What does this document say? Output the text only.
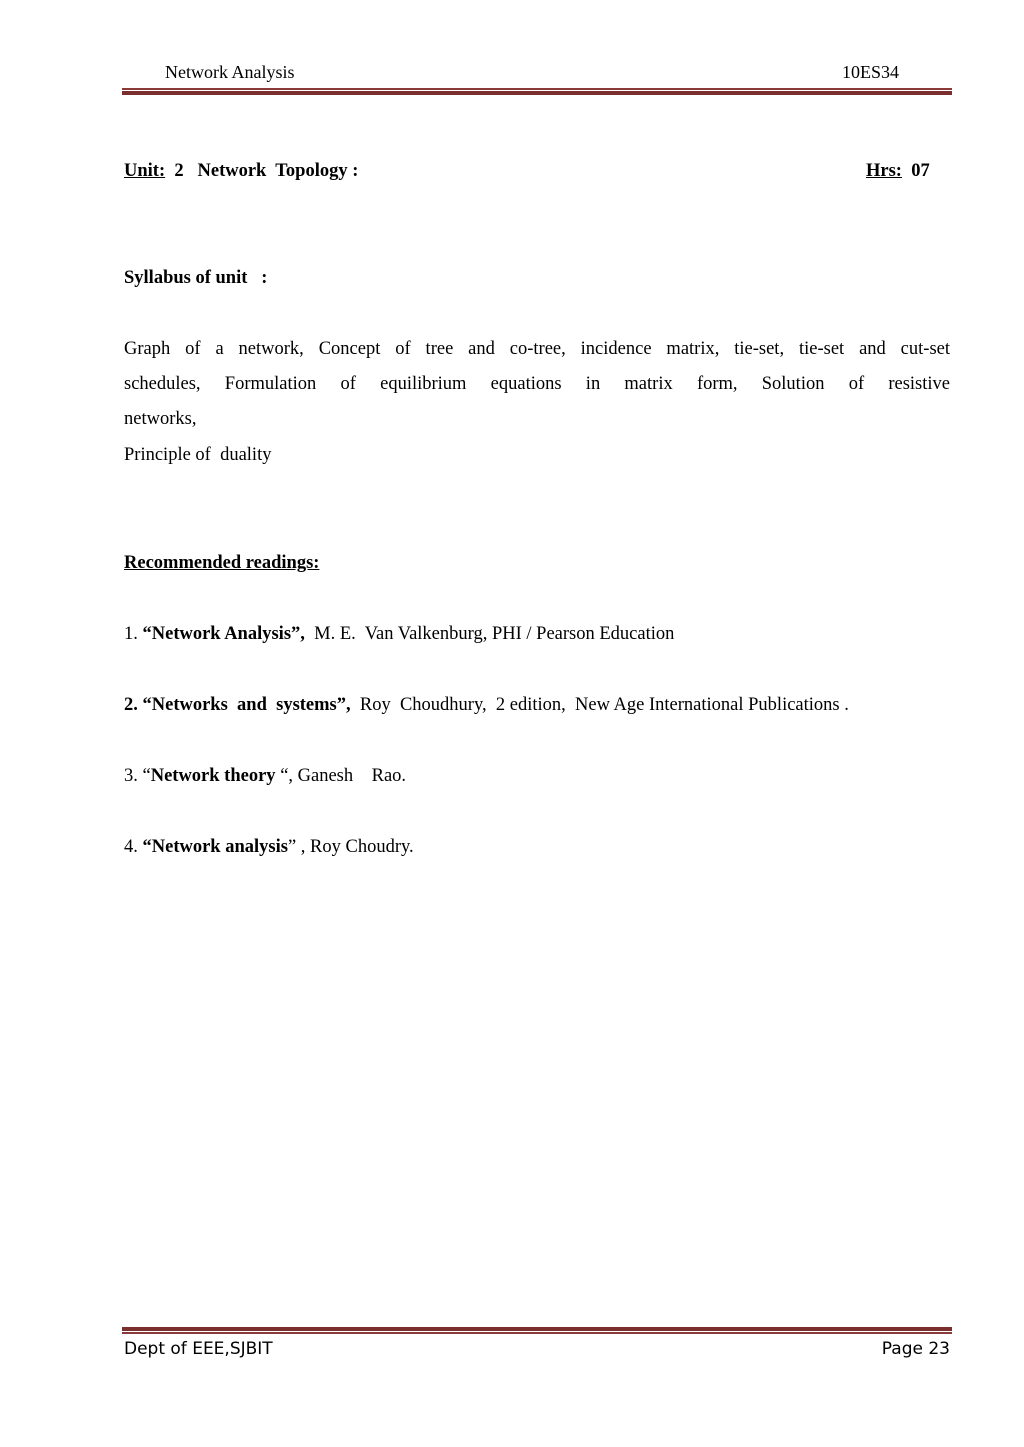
Network Analysis	10ES34
Unit: 2   Network  Topology :	Hrs: 07
Syllabus of unit   :
Graph of a network, Concept of tree and co-tree, incidence matrix, tie-set, tie-set and cut-set
schedules, Formulation of equilibrium equations in matrix form, Solution of resistive
networks,
Principle of  duality
Recommended readings:
1. “Network Analysis”,  M. E.  Van Valkenburg, PHI / Pearson Education
2. “Networks  and  systems”,  Roy  Choudhury,  2 edition,  New Age International Publications .
3. “Network theory “, Ganesh    Rao.
4. “Network analysis” , Roy Choudry.
Dept of EEE,SJBIT	Page 23
